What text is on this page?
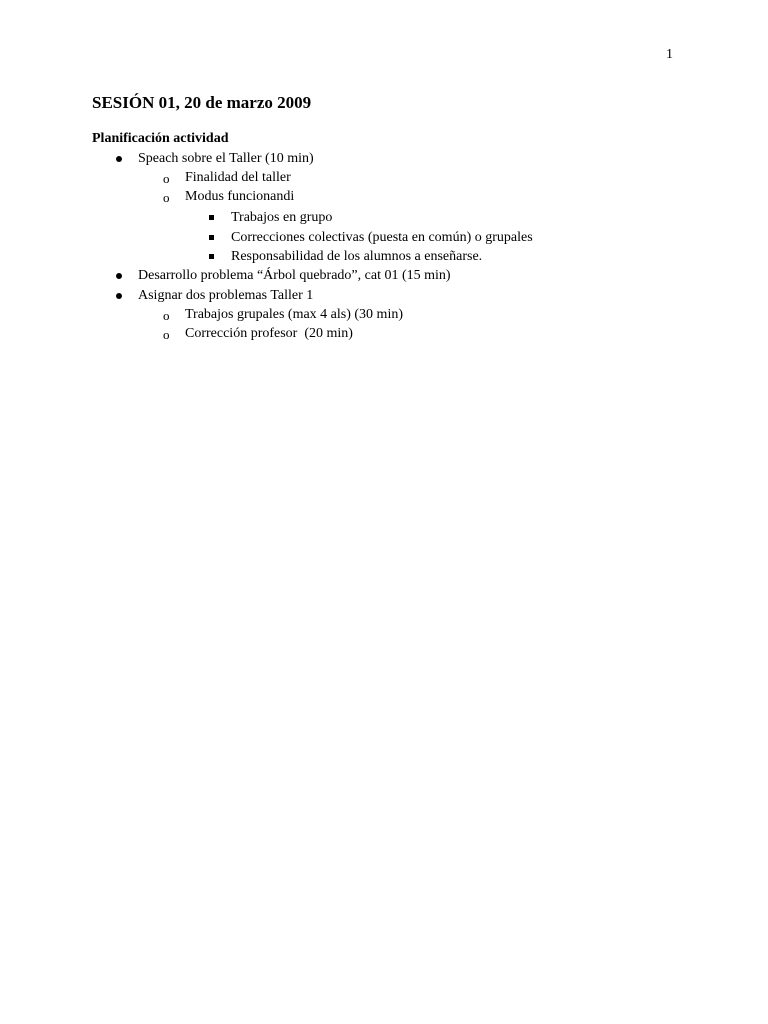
1
SESIÓN 01, 20 de marzo 2009
Planificación actividad
Speach sobre el Taller (10 min)
o Finalidad del taller
o Modus funcionandi
Trabajos en grupo
Correcciones colectivas (puesta en común) o grupales
Responsabilidad de los alumnos a enseñarse.
Desarrollo problema “Árbol quebrado”, cat 01 (15 min)
Asignar dos problemas Taller 1
o Trabajos grupales (max 4 als) (30 min)
o Corrección profesor  (20 min)
